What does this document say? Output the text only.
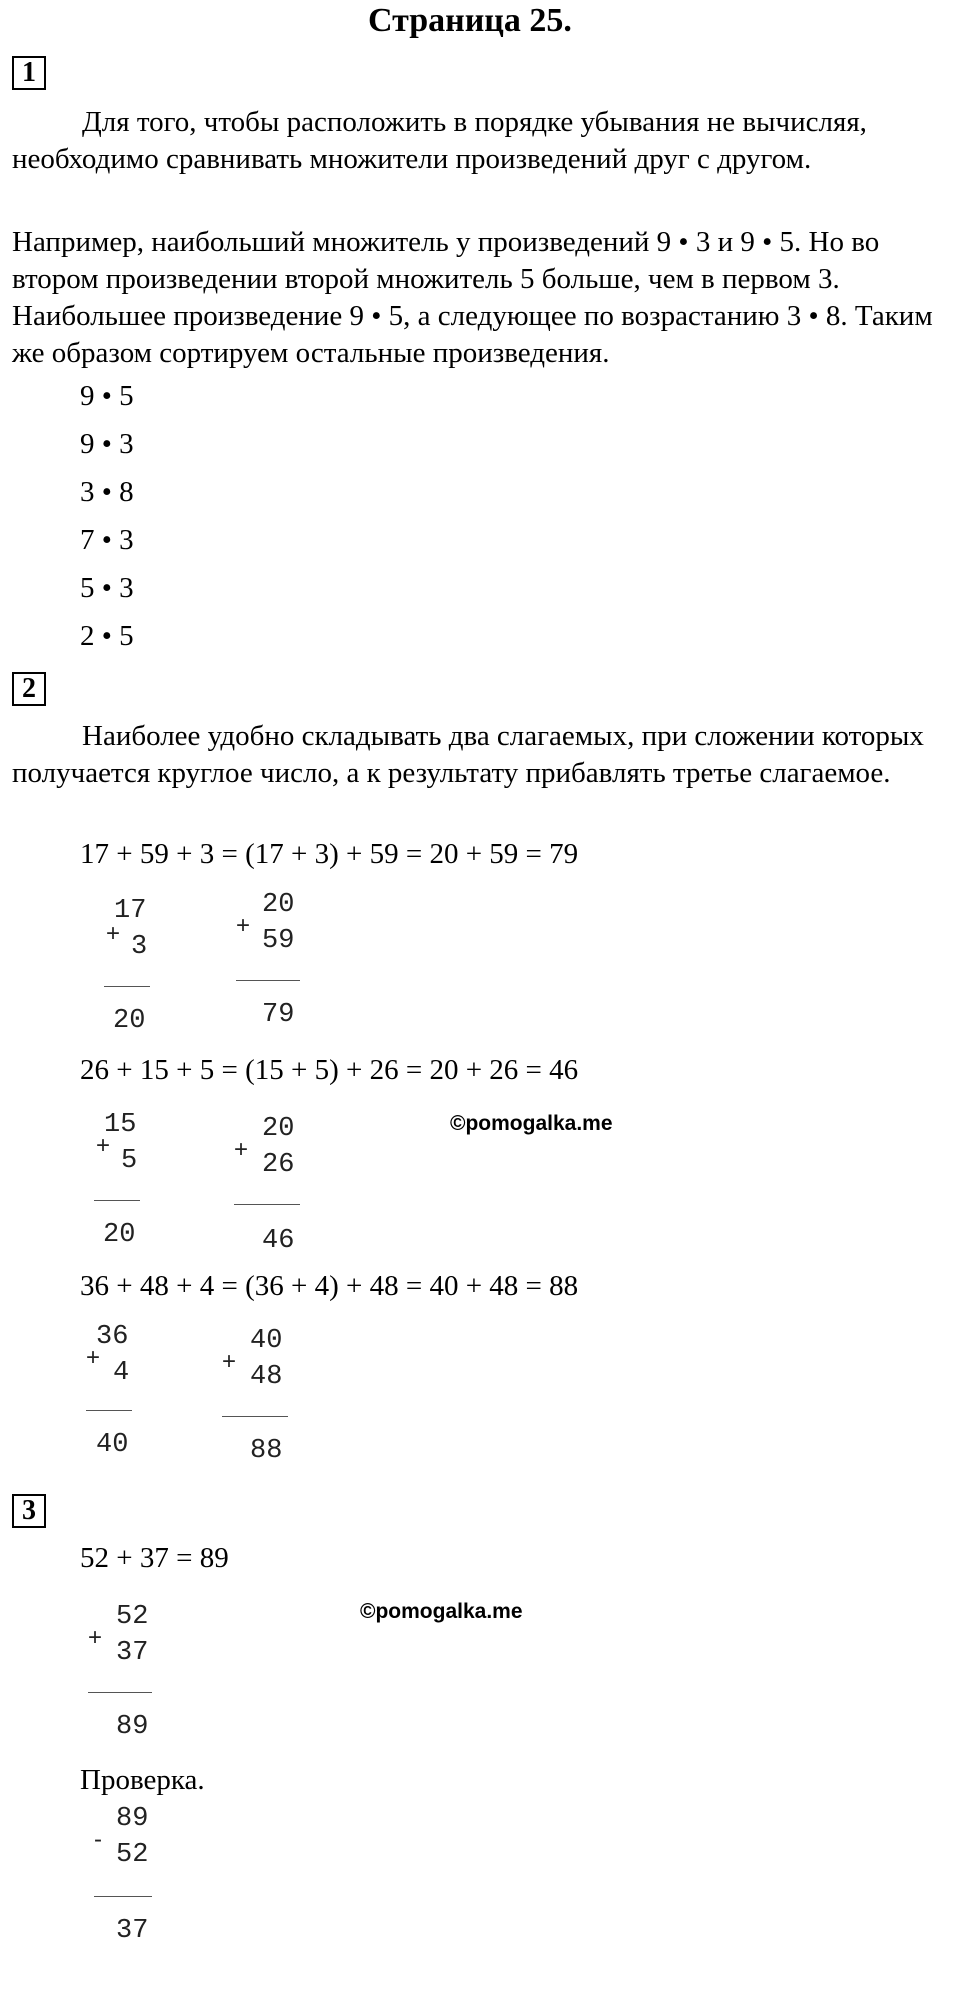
Страница 25.
1
Для того, чтобы расположить в порядке убывания не вычисляя, необходимо сравнивать множители произведений друг с другом.
Например, наибольший множитель у произведений 9 • 3 и 9 • 5. Но во втором произведении второй множитель 5 больше, чем в первом 3. Наибольшее произведение 9 • 5, а следующее по возрастанию 3 • 8. Таким же образом сортируем остальные произведения.
9 • 5
9 • 3
3 • 8
7 • 3
5 • 3
2 • 5
2
Наиболее удобно складывать два слагаемых, при сложении которых получается круглое число, а к результату прибавлять третье слагаемое.
17 + 59 + 3 = (17 + 3) + 59 = 20 + 59 = 79
+
17
3
20
+
20
59
79
26 + 15 + 5 = (15 + 5) + 26 = 20 + 26 = 46
+
15
5
20
+
20
26
46
©pomogalka.me
36 + 48 + 4 = (36 + 4) + 48 = 40 + 48 = 88
+
36
4
40
+
40
48
88
3
52 + 37 = 89
+
52
37
89
©pomogalka.me
Проверка.
-
89
52
37
